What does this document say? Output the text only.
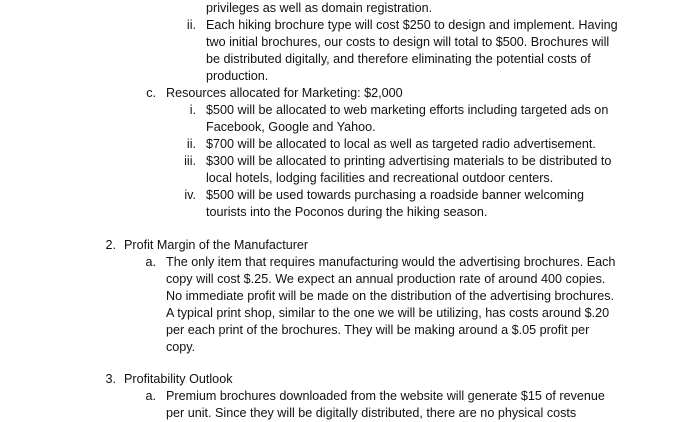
privileges as well as domain registration.
ii. Each hiking brochure type will cost $250 to design and implement. Having
two initial brochures, our costs to design will total to $500. Brochures will
be distributed digitally, and therefore eliminating the potential costs of
production.
c. Resources allocated for Marketing: $2,000
i. $500 will be allocated to web marketing efforts including targeted ads on
Facebook, Google and Yahoo.
ii. $700 will be allocated to local as well as targeted radio advertisement.
iii. $300 will be allocated to printing advertising materials to be distributed to
local hotels, lodging facilities and recreational outdoor centers.
iv. $500 will be used towards purchasing a roadside banner welcoming
tourists into the Poconos during the hiking season.
2. Profit Margin of the Manufacturer
a. The only item that requires manufacturing would the advertising brochures. Each
copy will cost $.25. We expect an annual production rate of around 400 copies.
No immediate profit will be made on the distribution of the advertising brochures.
A typical print shop, similar to the one we will be utilizing, has costs around $.20
per each print of the brochures. They will be making around a $.05 profit per
copy.
3. Profitability Outlook
a. Premium brochures downloaded from the website will generate $15 of revenue
per unit. Since they will be digitally distributed, there are no physical costs
